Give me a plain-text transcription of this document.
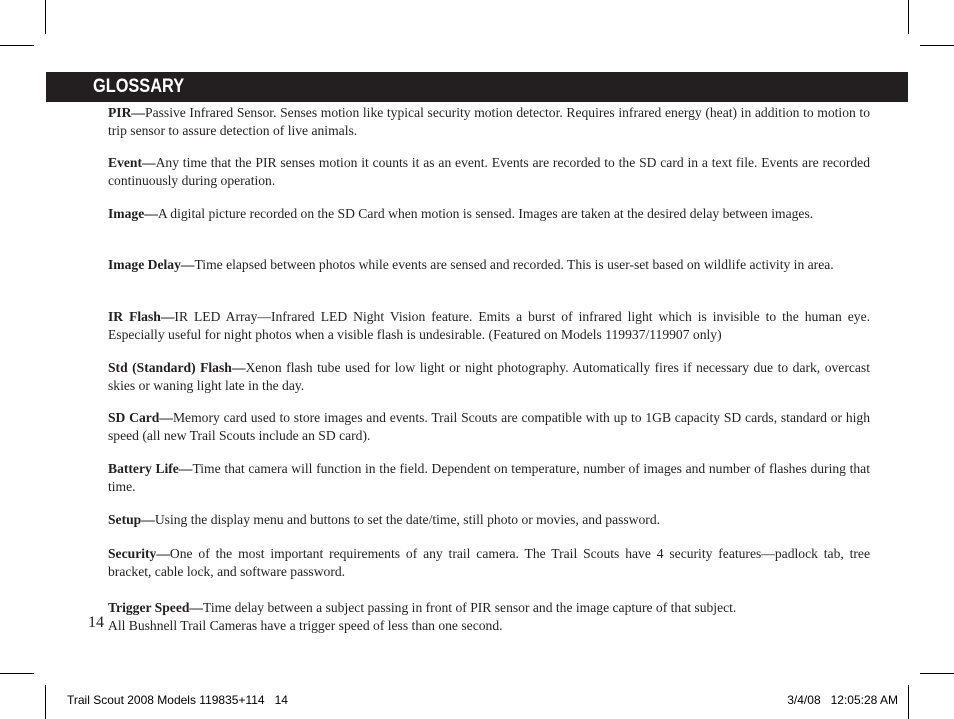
GLOSSARY

PIR—Passive Infrared Sensor. Senses motion like typical security motion detector. Requires infrared energy (heat) in addition to motion to trip sensor to assure detection of live animals.

Event—Any time that the PIR senses motion it counts it as an event. Events are recorded to the SD card in a text file. Events are recorded continuously during operation.

Image—A digital picture recorded on the SD Card when motion is sensed. Images are taken at the desired delay between images.

Image Delay—Time elapsed between photos while events are sensed and recorded. This is user-set based on wildlife activity in area.

IR Flash—IR LED Array—Infrared LED Night Vision feature. Emits a burst of infrared light which is invisible to the human eye. Especially useful for night photos when a visible flash is undesirable. (Featured on Models 119937/119907 only)

Std (Standard) Flash—Xenon flash tube used for low light or night photography. Automatically fires if necessary due to dark, overcast skies or waning light late in the day.

SD Card—Memory card used to store images and events. Trail Scouts are compatible with up to 1GB capacity SD cards, standard or high speed (all new Trail Scouts include an SD card).

Battery Life—Time that camera will function in the field. Dependent on temperature, number of images and number of flashes during that time.

Setup—Using the display menu and buttons to set the date/time, still photo or movies, and password.

Security—One of the most important requirements of any trail camera. The Trail Scouts have 4 security features—padlock tab, tree bracket, cable lock, and software password.

Trigger Speed—Time delay between a subject passing in front of PIR sensor and the image capture of that subject.
All Bushnell Trail Cameras have a trigger speed of less than one second.

14
Trail Scout 2008 Models 119835+114   14	3/4/08   12:05:28 AM
